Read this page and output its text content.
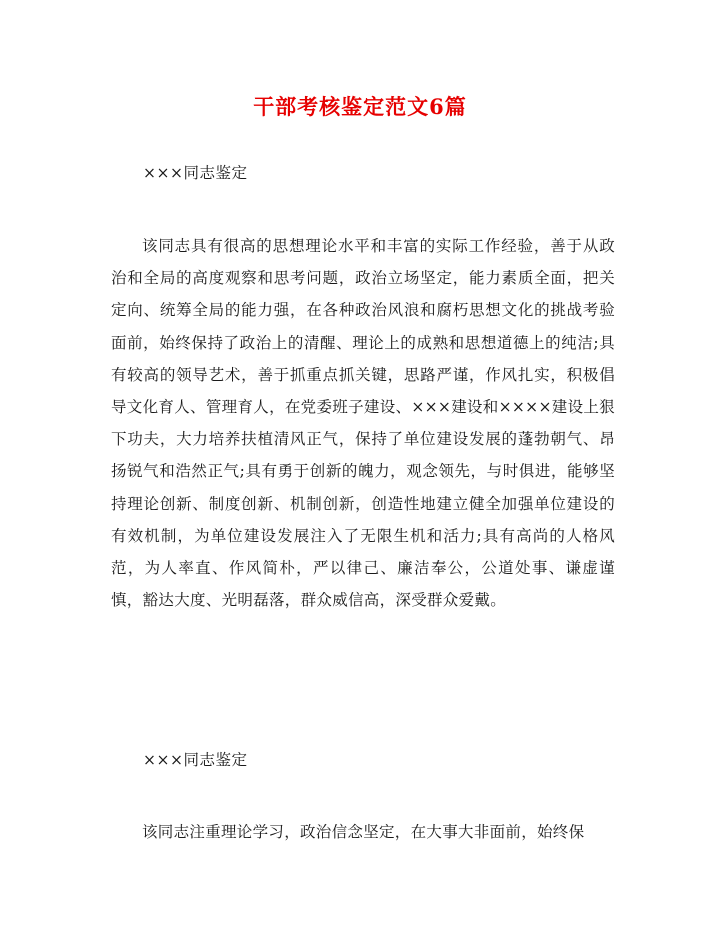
干部考核鉴定范文6篇
×××同志鉴定
该同志具有很高的思想理论水平和丰富的实际工作经验，善于从政治和全局的高度观察和思考问题，政治立场坚定，能力素质全面，把关定向、统筹全局的能力强，在各种政治风浪和腐朽思想文化的挑战考验面前，始终保持了政治上的清醒、理论上的成熟和思想道德上的纯洁;具有较高的领导艺术，善于抓重点抓关键，思路严谨，作风扎实，积极倡导文化育人、管理育人，在党委班子建设、×××建设和××××建设上狠下功夫，大力培养扶植清风正气，保持了单位建设发展的蓬勃朝气、昂扬锐气和浩然正气;具有勇于创新的魄力，观念领先，与时俱进，能够坚持理论创新、制度创新、机制创新，创造性地建立健全加强单位建设的有效机制，为单位建设发展注入了无限生机和活力;具有高尚的人格风范，为人率直、作风简朴，严以律己、廉洁奉公，公道处事、谦虚谨慎，豁达大度、光明磊落，群众威信高，深受群众爱戴。
×××同志鉴定
该同志注重理论学习，政治信念坚定，在大事大非面前，始终保
